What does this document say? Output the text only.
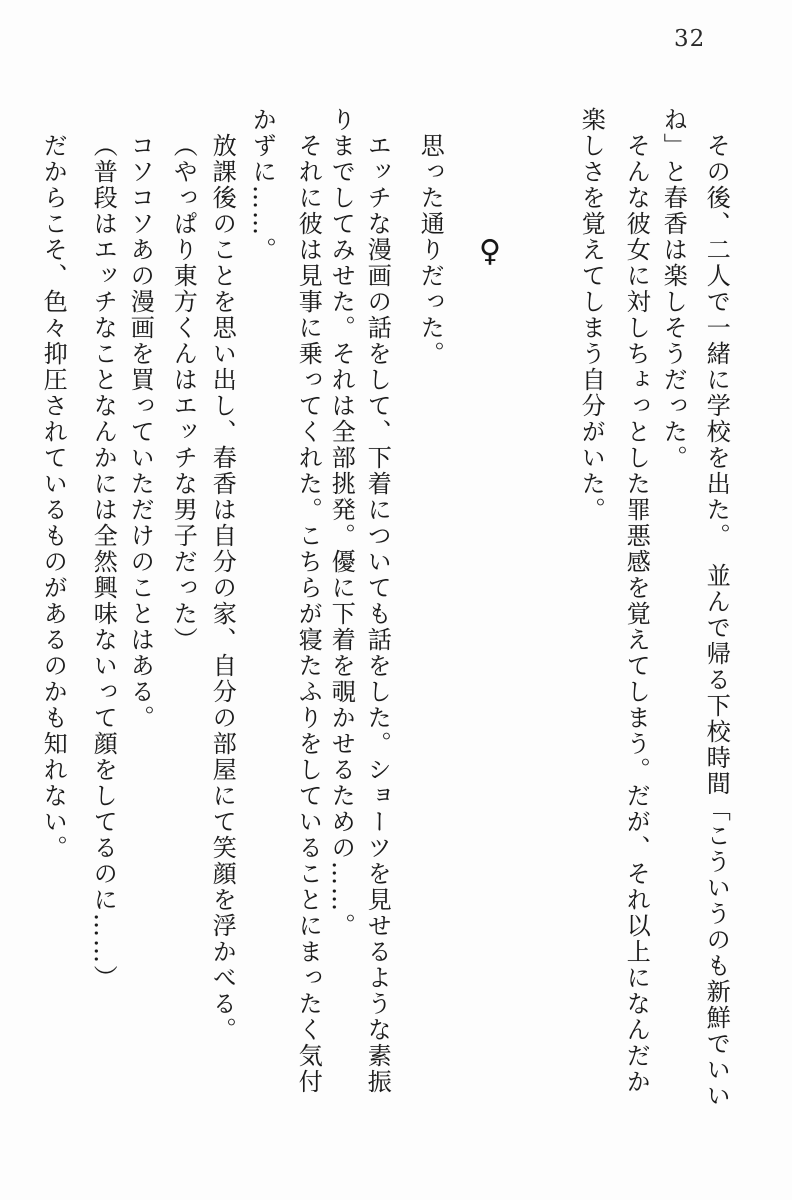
32
♀	その後、二人で一緒に学校を出た。　並んで帰る下校時間「こういうのも新鮮でいい
ね」と春香は楽しそうだった。
そんな彼女に対しちょっとした罪悪感を覚えてしまう。だが、それ以上になんだか
楽しさを覚えてしまう自分がいた。
思った通りだった。
エッチな漫画の話をして、下着についても話をした。ショーツを見せるような素振
りまでしてみせた。それは全部挑発。優に下着を覗かせるための……。
それに彼は見事に乗ってくれた。こちらが寝たふりをしていることにまったく気付
かずに……。
放課後のことを思い出し、春香は自分の家、自分の部屋にて笑顔を浮かべる。
（やっぱり東方くんはエッチな男子だった）
コソコソあの漫画を買っていただけのことはある。
（普段はエッチなことなんかには全然興味ないって顔をしてるのに……）
だからこそ、色々抑圧されているものがあるのかも知れない。
